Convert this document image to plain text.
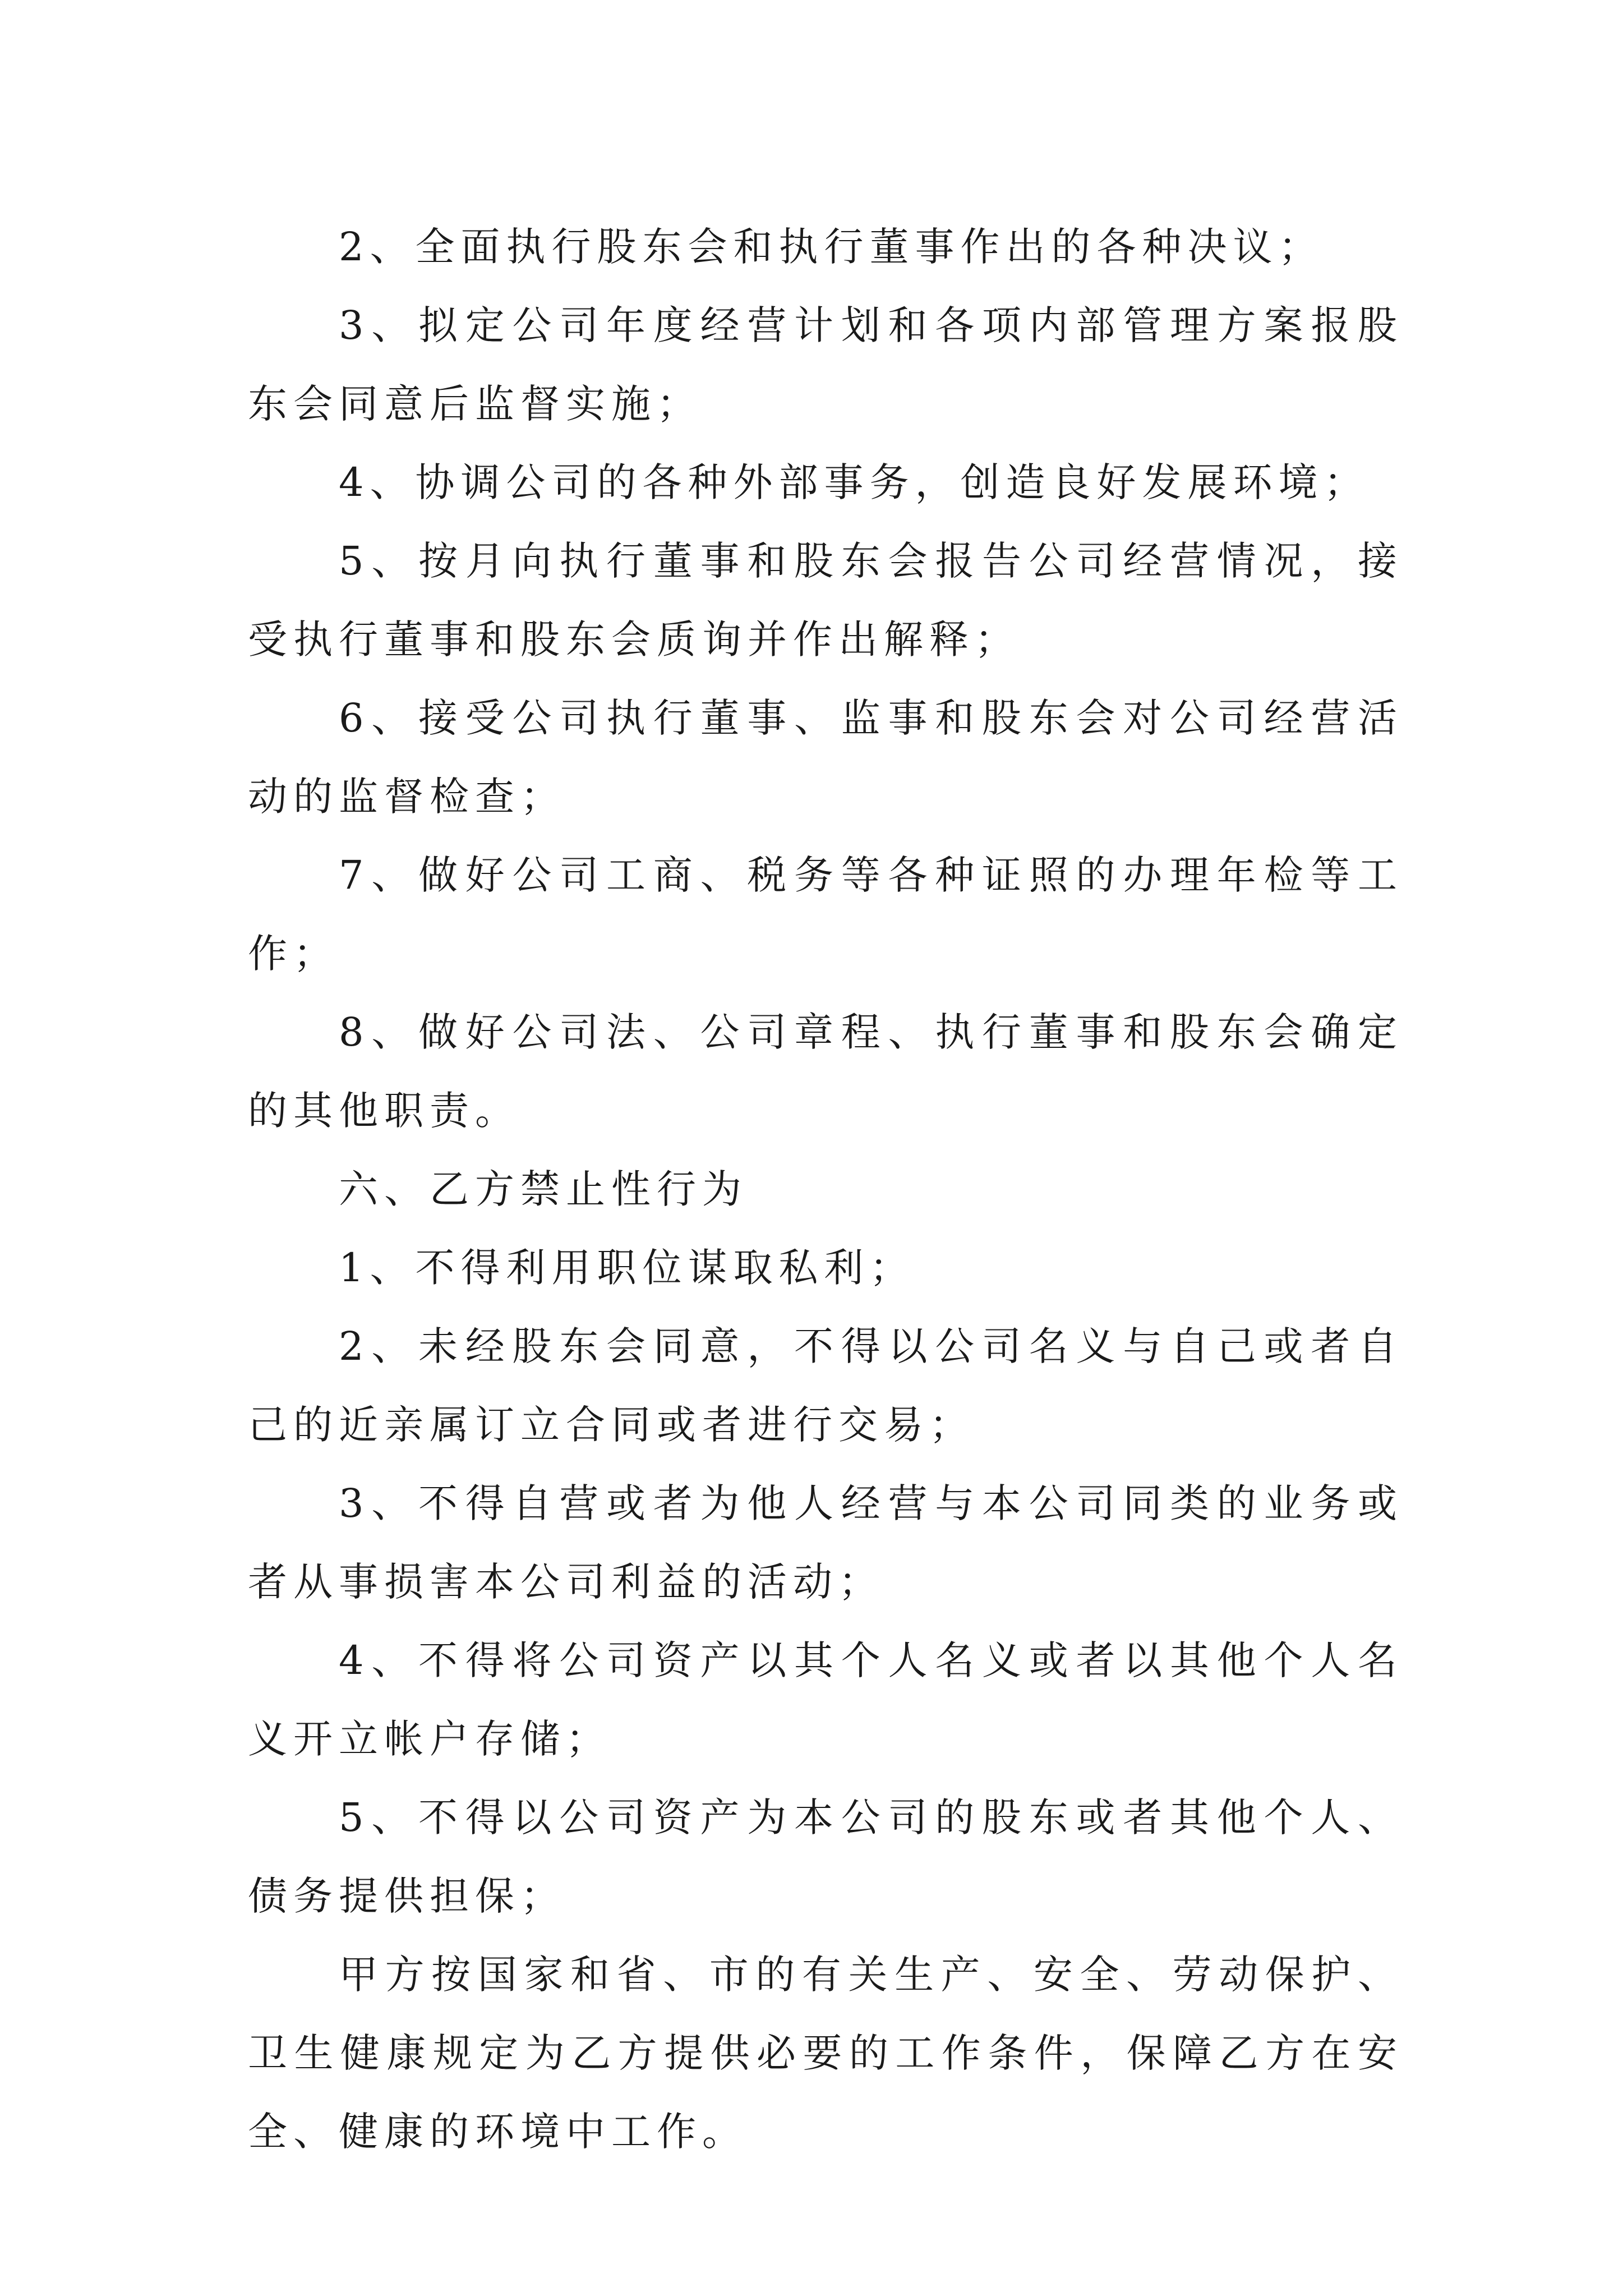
2、全面执行股东会和执行董事作出的各种决议；

3、拟定公司年度经营计划和各项内部管理方案报股东会同意后监督实施；

4、协调公司的各种外部事务，创造良好发展环境；

5、按月向执行董事和股东会报告公司经营情况，接受执行董事和股东会质询并作出解释；

6、接受公司执行董事、监事和股东会对公司经营活动的监督检查；

7、做好公司工商、税务等各种证照的办理年检等工作；

8、做好公司法、公司章程、执行董事和股东会确定的其他职责。

六、乙方禁止性行为

1、不得利用职位谋取私利；

2、未经股东会同意，不得以公司名义与自己或者自己的近亲属订立合同或者进行交易；

3、不得自营或者为他人经营与本公司同类的业务或者从事损害本公司利益的活动；

4、不得将公司资产以其个人名义或者以其他个人名义开立帐户存储；

5、不得以公司资产为本公司的股东或者其他个人、债务提供担保；

甲方按国家和省、市的有关生产、安全、劳动保护、卫生健康规定为乙方提供必要的工作条件，保障乙方在安全、健康的环境中工作。
